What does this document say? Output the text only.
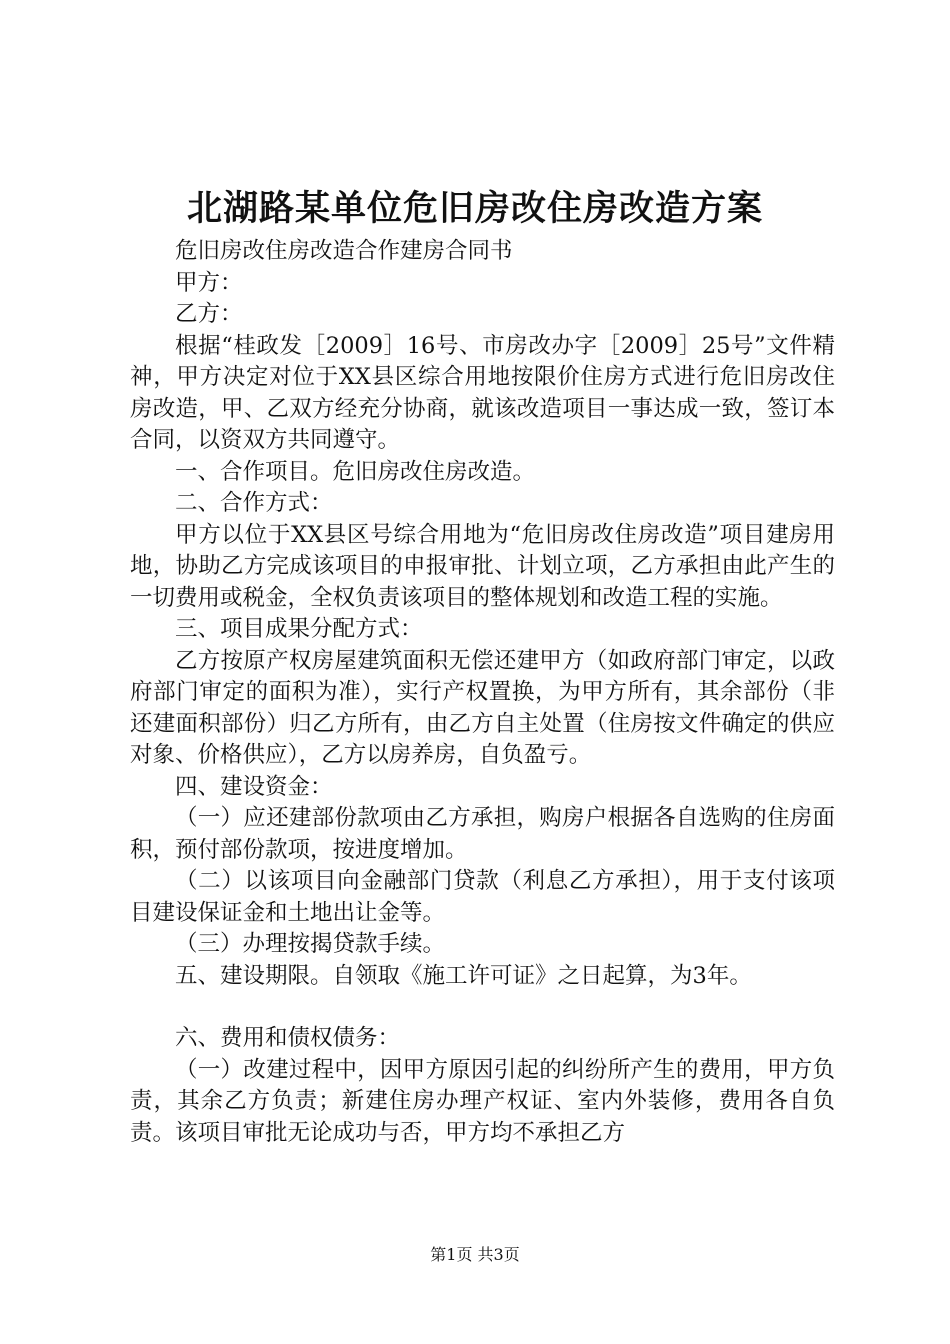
北湖路某单位危旧房改住房改造方案

危旧房改住房改造合作建房合同书

甲方：

乙方：

根据“桂政发［2009］16号、市房改办字［2009］25号”文件精神，甲方决定对位于XX县区综合用地按限价住房方式进行危旧房改住房改造，甲、乙双方经充分协商，就该改造项目一事达成一致，签订本合同，以资双方共同遵守。

一、合作项目。危旧房改住房改造。

二、合作方式：

甲方以位于XX县区号综合用地为“危旧房改住房改造”项目建房用地，协助乙方完成该项目的申报审批、计划立项，乙方承担由此产生的一切费用或税金，全权负责该项目的整体规划和改造工程的实施。

三、项目成果分配方式：

乙方按原产权房屋建筑面积无偿还建甲方（如政府部门审定，以政府部门审定的面积为准），实行产权置换，为甲方所有，其余部份（非还建面积部份）归乙方所有，由乙方自主处置（住房按文件确定的供应对象、价格供应），乙方以房养房，自负盈亏。

四、建设资金：

（一）应还建部份款项由乙方承担，购房户根据各自选购的住房面积，预付部份款项，按进度增加。

（二）以该项目向金融部门贷款（利息乙方承担），用于支付该项目建设保证金和土地出让金等。

（三）办理按揭贷款手续。

五、建设期限。自领取《施工许可证》之日起算，为3年。

六、费用和债权债务：

（一）改建过程中，因甲方原因引起的纠纷所产生的费用，甲方负责，其余乙方负责；新建住房办理产权证、室内外装修，费用各自负责。该项目审批无论成功与否，甲方均不承担乙方

第1页 共3页
